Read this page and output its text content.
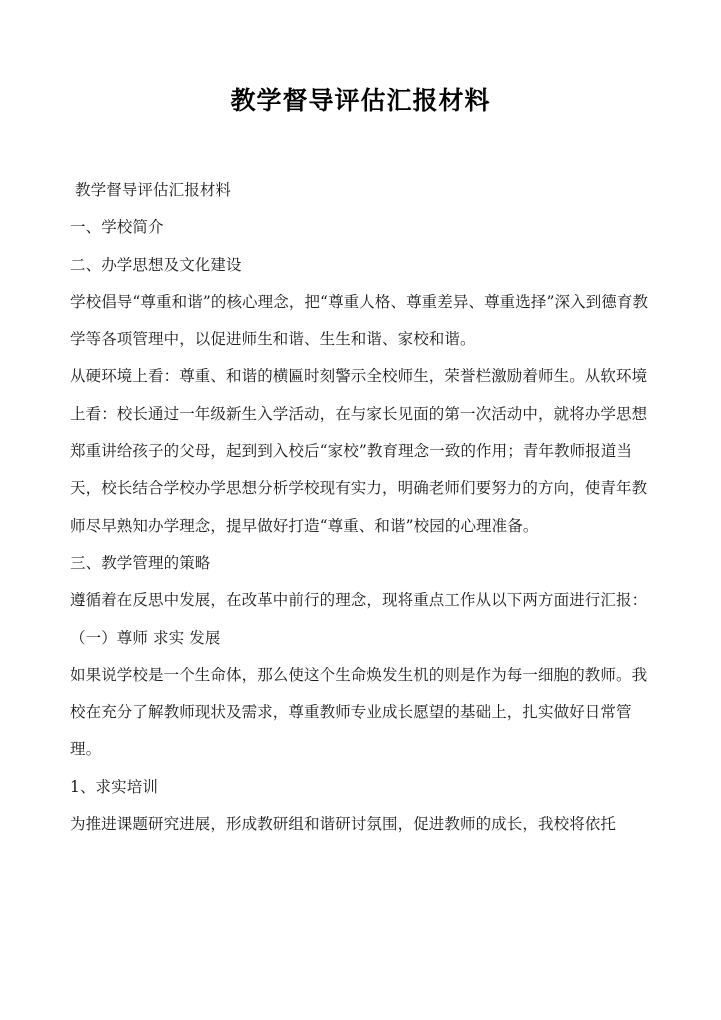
教学督导评估汇报材料

教学督导评估汇报材料

一、学校简介

二、办学思想及文化建设

学校倡导“尊重和谐”的核心理念，把“尊重人格、尊重差异、尊重选择”深入到德育教学等各项管理中，以促进师生和谐、生生和谐、家校和谐。

从硬环境上看：尊重、和谐的横匾时刻警示全校师生，荣誉栏激励着师生。从软环境上看：校长通过一年级新生入学活动，在与家长见面的第一次活动中，就将办学思想郑重讲给孩子的父母，起到到入校后“家校”教育理念一致的作用；青年教师报道当天，校长结合学校办学思想分析学校现有实力，明确老师们要努力的方向，使青年教师尽早熟知办学理念，提早做好打造“尊重、和谐”校园的心理准备。

三、教学管理的策略

遵循着在反思中发展，在改革中前行的理念，现将重点工作从以下两方面进行汇报：

（一）尊师 求实 发展

如果说学校是一个生命体，那么使这个生命焕发生机的则是作为每一细胞的教师。我校在充分了解教师现状及需求，尊重教师专业成长愿望的基础上，扎实做好日常管理。

1、求实培训

为推进课题研究进展，形成教研组和谐研讨氛围，促进教师的成长，我校将依托
